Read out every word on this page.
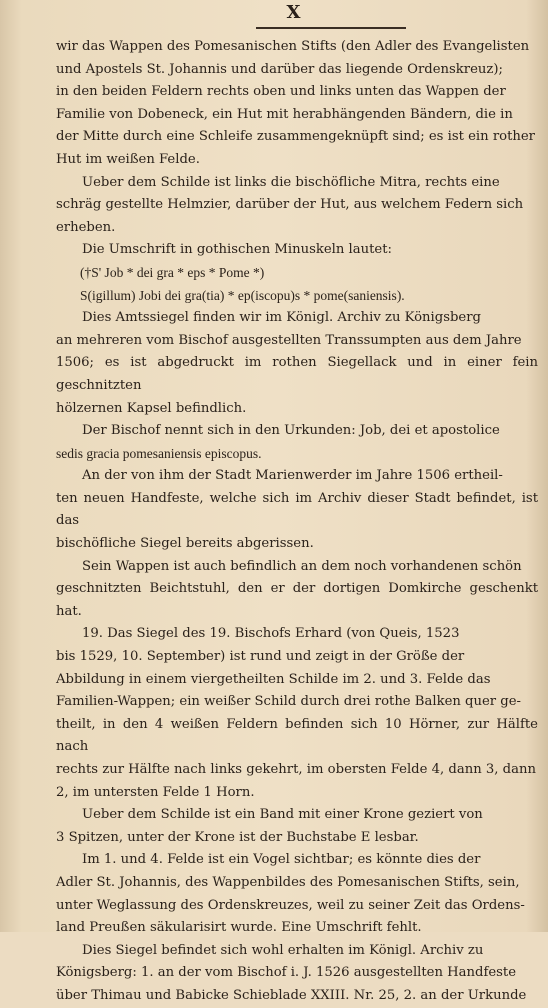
X

wir das Wappen des Pomesanischen Stifts (den Adler des Evangelisten

und Apostels St. Johannis und darüber das liegende Ordenskreuz);

in den beiden Feldern rechts oben und links unten das Wappen der

Familie von Dobeneck, ein Hut mit herabhängenden Bändern, die in

der Mitte durch eine Schleife zusammengeknüpft sind; es ist ein rother

Hut im weißen Felde.

Ueber dem Schilde ist links die bischöfliche Mitra, rechts eine

schräg gestellte Helmzier, darüber der Hut, aus welchem Federn sich

erheben.

Die Umschrift in gothischen Minuskeln lautet:

(†S' Job * dei gra * eps * Pome *)

S(igillum) Jobi dei gra(tia) * ep(iscopu)s * pome(saniensis).

Dies Amtssiegel finden wir im Königl. Archiv zu Königsberg

an mehreren vom Bischof ausgestellten Transsumpten aus dem Jahre

1506; es ist abgedruckt im rothen Siegellack und in einer fein geschnitzten

hölzernen Kapsel befindlich.

Der Bischof nennt sich in den Urkunden: Job, dei et apostolice

sedis gracia pomesaniensis episcopus.

An der von ihm der Stadt Marienwerder im Jahre 1506 ertheil-

ten neuen Handfeste, welche sich im Archiv dieser Stadt befindet, ist das

bischöfliche Siegel bereits abgerissen.

Sein Wappen ist auch befindlich an dem noch vorhandenen schön

geschnitzten Beichtstuhl, den er der dortigen Domkirche geschenkt hat.

19. Das Siegel des 19. Bischofs Erhard (von Queis, 1523

bis 1529, 10. September) ist rund und zeigt in der Größe der

Abbildung in einem viergetheilten Schilde im 2. und 3. Felde das

Familien-Wappen; ein weißer Schild durch drei rothe Balken quer ge-

theilt, in den 4 weißen Feldern befinden sich 10 Hörner, zur Hälfte nach

rechts zur Hälfte nach links gekehrt, im obersten Felde 4, dann 3, dann

2, im untersten Felde 1 Horn.

Ueber dem Schilde ist ein Band mit einer Krone geziert von

3 Spitzen, unter der Krone ist der Buchstabe E lesbar.

Im 1. und 4. Felde ist ein Vogel sichtbar; es könnte dies der

Adler St. Johannis, des Wappenbildes des Pomesanischen Stifts, sein,

unter Weglassung des Ordenskreuzes, weil zu seiner Zeit das Ordens-

land Preußen säkularisirt wurde. Eine Umschrift fehlt.

Dies Siegel befindet sich wohl erhalten im Königl. Archiv zu

Königsberg: 1. an der vom Bischof i. J. 1526 ausgestellten Handfeste

über Thimau und Babicke Schieblade XXIII. Nr. 25, 2. an der Urkunde
